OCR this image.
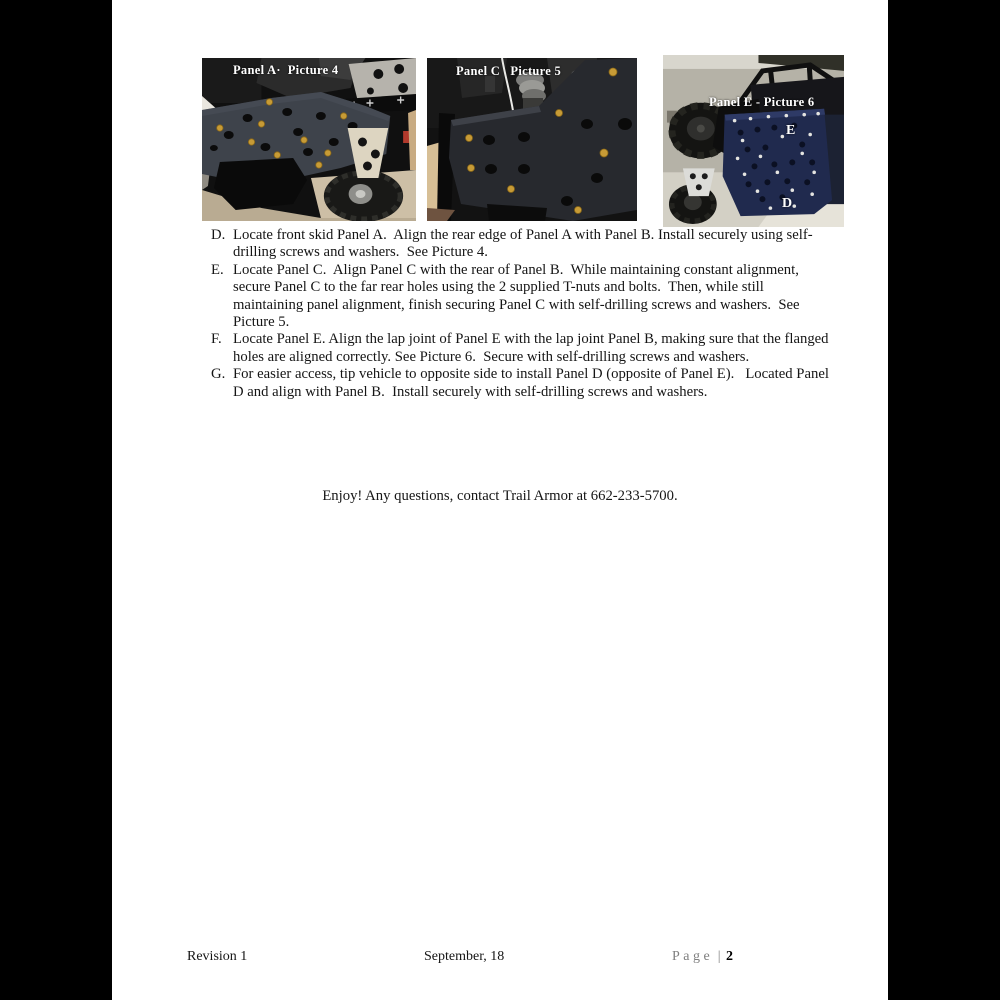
Panel A·  Picture 4	Panel C   Picture 5
Panel E - Picture 6
E
D
D. Locate front skid Panel A.  Align the rear edge of Panel A with Panel B. Install securely using self-drilling screws and washers.  See Picture 4.
E. Locate Panel C.  Align Panel C with the rear of Panel B.  While maintaining constant alignment, secure Panel C to the far rear holes using the 2 supplied T-nuts and bolts.  Then, while still maintaining panel alignment, finish securing Panel C with self-drilling screws and washers.  See Picture 5.
F. Locate Panel E. Align the lap joint of Panel E with the lap joint Panel B, making sure that the flanged holes are aligned correctly. See Picture 6.  Secure with self-drilling screws and washers.
G. For easier access, tip vehicle to opposite side to install Panel D (opposite of Panel E).   Located Panel D and align with Panel B.  Install securely with self-drilling screws and washers.
Enjoy! Any questions, contact Trail Armor at 662-233-5700.
Revision 1	September, 18	Page | 2
